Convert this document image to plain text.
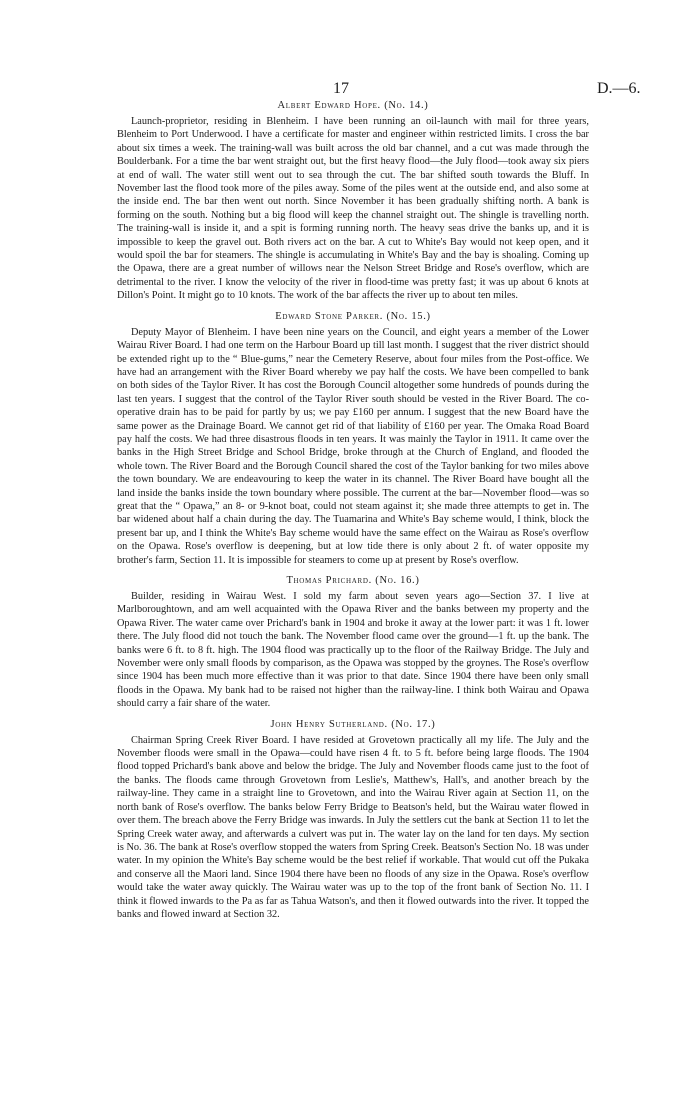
17	D.—6.
Albert Edward Hope. (No. 14.)

Launch-proprietor, residing in Blenheim. I have been running an oil-launch with mail for three years, Blenheim to Port Underwood. I have a certificate for master and engineer within restricted limits. I cross the bar about six times a week. The training-wall was built across the old bar channel, and a cut was made through the Boulderbank. For a time the bar went straight out, but the first heavy flood—the July flood—took away six piers at end of wall. The water still went out to sea through the cut. The bar shifted south towards the Bluff. In November last the flood took more of the piles away. Some of the piles went at the outside end, and also some at the inside end. The bar then went out north. Since November it has been gradually shifting north. A bank is forming on the south. Nothing but a big flood will keep the channel straight out. The shingle is travelling north. The training-wall is inside it, and a spit is forming running north. The heavy seas drive the banks up, and it is impossible to keep the gravel out. Both rivers act on the bar. A cut to White's Bay would not keep open, and it would spoil the bar for steamers. The shingle is accumulating in White's Bay and the bay is shoaling. Coming up the Opawa, there are a great number of willows near the Nelson Street Bridge and Rose's overflow, which are detrimental to the river. I know the velocity of the river in flood-time was pretty fast; it was up about 6 knots at Dillon's Point. It might go to 10 knots. The work of the bar affects the river up to about ten miles.

Edward Stone Parker. (No. 15.)

Deputy Mayor of Blenheim. I have been nine years on the Council, and eight years a member of the Lower Wairau River Board. I had one term on the Harbour Board up till last month. I suggest that the river district should be extended right up to the “ Blue-gums,” near the Cemetery Reserve, about four miles from the Post-office. We have had an arrangement with the River Board whereby we pay half the costs. We have been compelled to bank on both sides of the Taylor River. It has cost the Borough Council altogether some hundreds of pounds during the last ten years. I suggest that the control of the Taylor River south should be vested in the River Board. The co-operative drain has to be paid for partly by us; we pay £160 per annum. I suggest that the new Board have the same power as the Drainage Board. We cannot get rid of that liability of £160 per year. The Omaka Road Board pay half the costs. We had three disastrous floods in ten years. It was mainly the Taylor in 1911. It came over the banks in the High Street Bridge and School Bridge, broke through at the Church of England, and flooded the whole town. The River Board and the Borough Council shared the cost of the Taylor banking for two miles above the town boundary. We are endeavouring to keep the water in its channel. The River Board have bought all the land inside the banks inside the town boundary where possible. The current at the bar—November flood—was so great that the “ Opawa,” an 8- or 9-knot boat, could not steam against it; she made three attempts to get in. The bar widened about half a chain during the day. The Tuamarina and White's Bay scheme would, I think, block the present bar up, and I think the White's Bay scheme would have the same effect on the Wairau as Rose's overflow on the Opawa. Rose's overflow is deepening, but at low tide there is only about 2 ft. of water opposite my brother's farm, Section 11. It is impossible for steamers to come up at present by Rose's overflow.

Thomas Prichard. (No. 16.)

Builder, residing in Wairau West. I sold my farm about seven years ago—Section 37. I live at Marlboroughtown, and am well acquainted with the Opawa River and the banks between my property and the Opawa River. The water came over Prichard's bank in 1904 and broke it away at the lower part: it was 1 ft. lower there. The July flood did not touch the bank. The November flood came over the ground—1 ft. up the bank. The banks were 6 ft. to 8 ft. high. The 1904 flood was practically up to the floor of the Railway Bridge. The July and November were only small floods by comparison, as the Opawa was stopped by the groynes. The Rose's overflow since 1904 has been much more effective than it was prior to that date. Since 1904 there have been only small floods in the Opawa. My bank had to be raised not higher than the railway-line. I think both Wairau and Opawa should carry a fair share of the water.

John Henry Sutherland. (No. 17.)

Chairman Spring Creek River Board. I have resided at Grovetown practically all my life. The July and the November floods were small in the Opawa—could have risen 4 ft. to 5 ft. before being large floods. The 1904 flood topped Prichard's bank above and below the bridge. The July and November floods came just to the foot of the banks. The floods came through Grovetown from Leslie's, Matthew's, Hall's, and another breach by the railway-line. They came in a straight line to Grovetown, and into the Wairau River again at Section 11, on the north bank of Rose's overflow. The banks below Ferry Bridge to Beatson's held, but the Wairau water flowed in over them. The breach above the Ferry Bridge was inwards. In July the settlers cut the bank at Section 11 to let the Spring Creek water away, and afterwards a culvert was put in. The water lay on the land for ten days. My section is No. 36. The bank at Rose's overflow stopped the waters from Spring Creek. Beatson's Section No. 18 was under water. In my opinion the White's Bay scheme would be the best relief if workable. That would cut off the Pukaka and conserve all the Maori land. Since 1904 there have been no floods of any size in the Opawa. Rose's overflow would take the water away quickly. The Wairau water was up to the top of the front bank of Section No. 11. I think it flowed inwards to the Pa as far as Tahua Watson's, and then it flowed outwards into the river. It topped the banks and flowed inward at Section 32.
